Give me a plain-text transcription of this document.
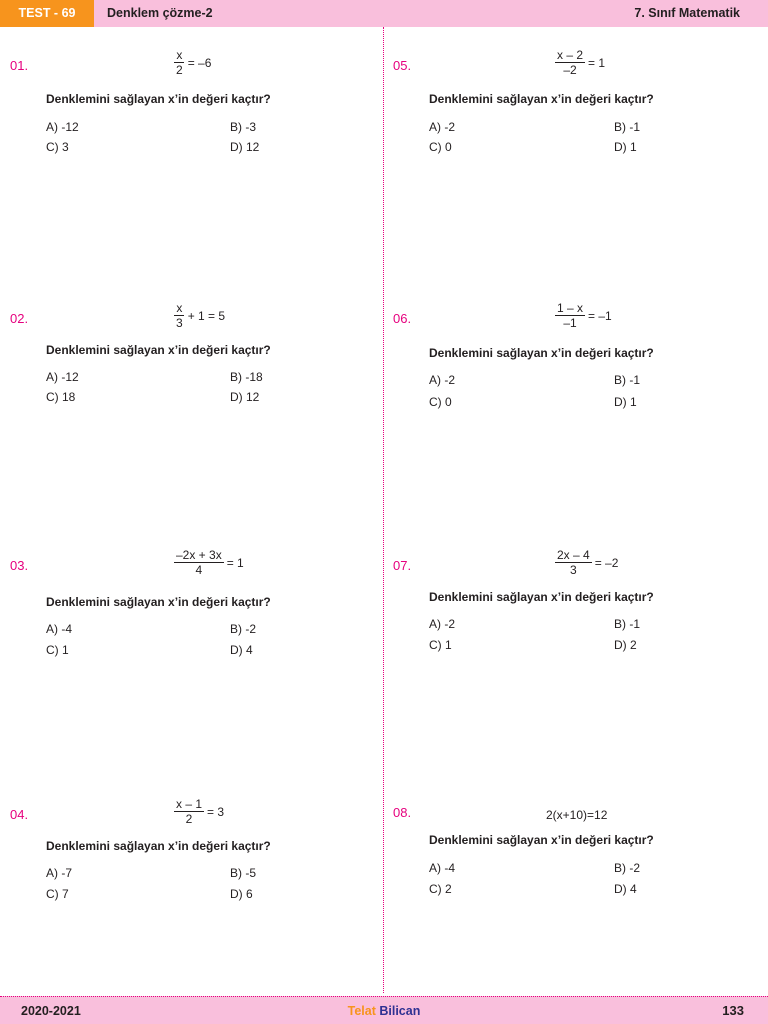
TEST - 69	Denklem çözme-2	7. Sınıf Matematik
01.	$\frac{x}{2} = -6$
Denklemini sağlayan x’in değeri kaçtır?
A) -12	B) -3
C) 3	D) 12
02.	$\frac{x}{3} + 1 = 5$
Denklemini sağlayan x’in değeri kaçtır?
A) -12	B) -18
C) 18	D) 12
03.	$\frac{-2x + 3x}{4} = 1$
Denklemini sağlayan x’in değeri kaçtır?
A) -4	B) -2
C) 1	D) 4
04.	$\frac{x - 1}{2} = 3$
Denklemini sağlayan x’in değeri kaçtır?
A) -7	B) -5
C) 7	D) 6
05.	$\frac{x - 2}{-2} = 1$
Denklemini sağlayan x’in değeri kaçtır?
A) -2	B) -1
C) 0	D) 1
06.	$\frac{1 - x}{-1} = -1$
Denklemini sağlayan x’in değeri kaçtır?
A) -2	B) -1
C) 0	D) 1
07.	$\frac{2x - 4}{3} = -2$
Denklemini sağlayan x’in değeri kaçtır?
A) -2	B) -1
C) 1	D) 2
08.	2(x+10)=12
Denklemini sağlayan x’in değeri kaçtır?
A) -4	B) -2
C) 2	D) 4
2020-2021	Telat Bilican	133
